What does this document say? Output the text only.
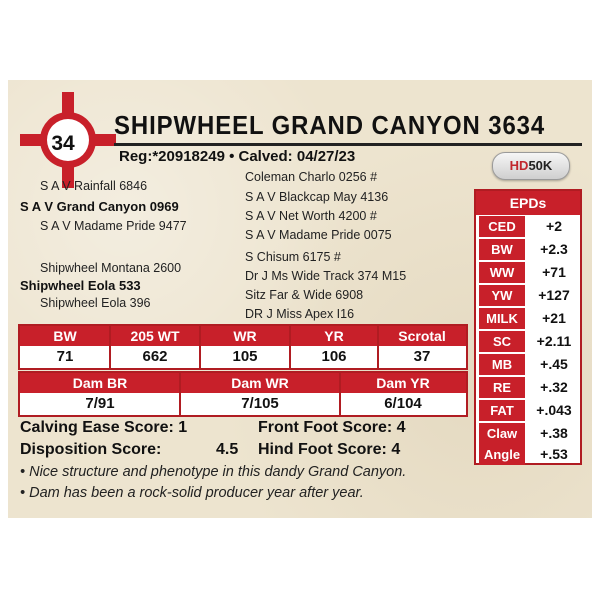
34
SHIPWHEEL GRAND CANYON 3634
Reg:*20918249 • Calved: 04/27/23
HD50K
S A V Rainfall 6846
S A V Grand Canyon 0969
S A V Madame Pride 9477
Shipwheel Montana 2600
Shipwheel Eola 533
Shipwheel Eola 396
Coleman Charlo 0256 #
S A V Blackcap May 4136
S A V Net Worth 4200 #
S A V Madame Pride 0075
S Chisum 6175 #
Dr J Ms Wide Track 374 M15
Sitz Far & Wide 6908
DR J Miss Apex I16
EPDs
CED	+2
BW	+2.3
WW	+71
YW	+127
MILK	+21
SC	+2.11
MB	+.45
RE	+.32
FAT	+.043
Claw	+.38
Angle	+.53
BW	205 WT	WR	YR	Scrotal
71	662	105	106	37
Dam BR	Dam WR	Dam YR
7/91	7/105	6/104
Calving Ease Score: 1	Front Foot Score: 4
Disposition Score:	4.5 Hind Foot Score: 4
• Nice structure and phenotype in this dandy Grand Canyon.
• Dam has been a rock-solid producer year after year.
